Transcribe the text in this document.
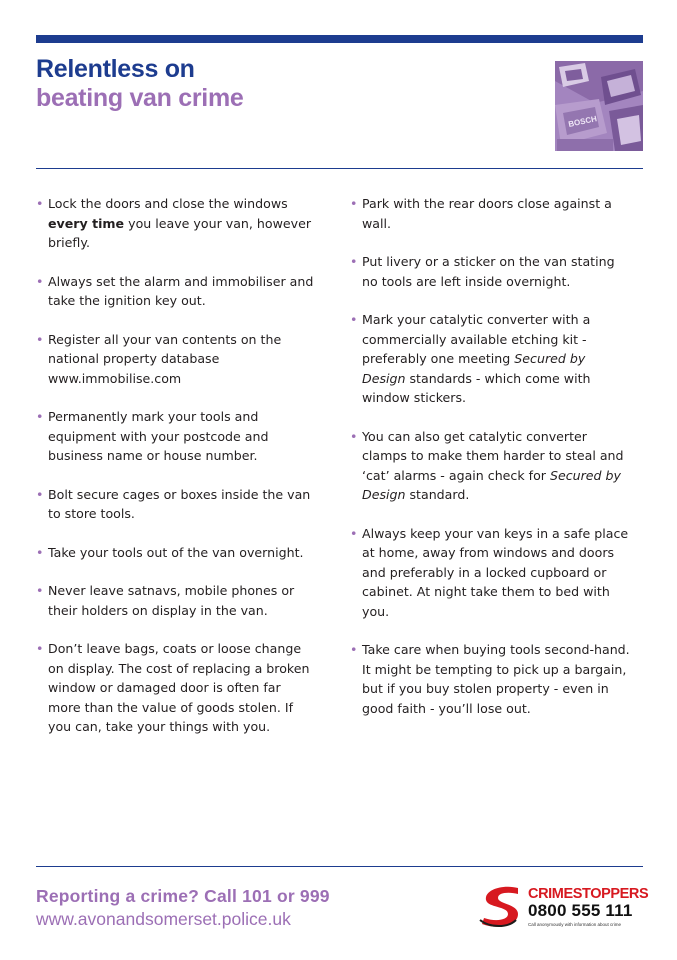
Relentless on
beating van crime
BOSCH
• Lock the doors and close the windows every time you leave your van, however briefly.
• Always set the alarm and immobiliser and take the ignition key out.
• Register all your van contents on the national property database www.immobilise.com
• Permanently mark your tools and equipment with your postcode and business name or house number.
• Bolt secure cages or boxes inside the van to store tools.
• Take your tools out of the van overnight.
• Never leave satnavs, mobile phones or their holders on display in the van.
• Don’t leave bags, coats or loose change on display. The cost of replacing a broken window or damaged door is often far more than the value of goods stolen. If you can, take your things with you.
• Park with the rear doors close against a wall.
• Put livery or a sticker on the van stating no tools are left inside overnight.
• Mark your catalytic converter with a commercially available etching kit - preferably one meeting Secured by Design standards - which come with window stickers.
• You can also get catalytic converter clamps to make them harder to steal and ‘cat’ alarms - again check for Secured by Design standard.
• Always keep your van keys in a safe place at home, away from windows and doors and preferably in a locked cupboard or cabinet. At night take them to bed with you.
• Take care when buying tools second-hand. It might be tempting to pick up a bargain, but if you buy stolen property - even in good faith - you’ll lose out.
Reporting a crime? Call 101 or 999
www.avonandsomerset.police.uk
CRIMESTOPPERS
0800 555 111
Call anonymously with information about crime
